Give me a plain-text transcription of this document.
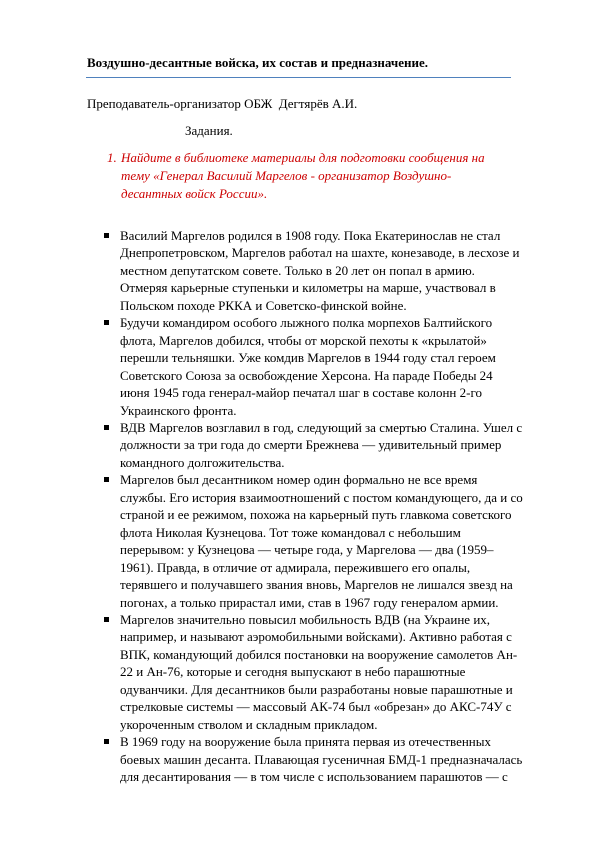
Воздушно-десантные войска, их состав и предназначение.
Преподаватель-организатор ОБЖ  Дегтярёв А.И.
Задания.

1.

Найдите в библиотеке материалы для подготовки сообщения на
тему «Генерал Василий Маргелов - организатор Воздушно-
десантных войск России».

Василий Маргелов родился в 1908 году. Пока Екатеринослав не стал
Днепропетровском, Маргелов работал на шахте, конезаводе, в лесхозе и
местном депутатском совете. Только в 20 лет он попал в армию.
Отмеряя карьерные ступеньки и километры на марше, участвовал в
Польском походе РККА и Советско-финской войне.
Будучи командиром особого лыжного полка морпехов Балтийского
флота, Маргелов добился, чтобы от морской пехоты к «крылатой»
перешли тельняшки. Уже комдив Маргелов в 1944 году стал героем
Советского Союза за освобождение Херсона. На параде Победы 24
июня 1945 года генерал-майор печатал шаг в составе колонн 2-го
Украинского фронта.
ВДВ Маргелов возглавил в год, следующий за смертью Сталина. Ушел с
должности за три года до смерти Брежнева — удивительный пример
командного долгожительства.
Маргелов был десантником номер один формально не все время
службы. Его история взаимоотношений с постом командующего, да и со
страной и ее режимом, похожа на карьерный путь главкома советского
флота Николая Кузнецова. Тот тоже командовал с небольшим
перерывом: у Кузнецова — четыре года, у Маргелова — два (1959–
1961). Правда, в отличие от адмирала, пережившего его опалы,
терявшего и получавшего звания вновь, Маргелов не лишался звезд на
погонах, а только прирастал ими, став в 1967 году генералом армии.
Маргелов значительно повысил мобильность ВДВ (на Украине их,
например, и называют аэромобильными войсками). Активно работая с
ВПК, командующий добился постановки на вооружение самолетов Ан-
22 и Ан-76, которые и сегодня выпускают в небо парашютные
одуванчики. Для десантников были разработаны новые парашютные и
стрелковые системы — массовый АК-74 был «обрезан» до АКС-74У с
укороченным стволом и складным прикладом.
В 1969 году на вооружение была принята первая из отечественных
боевых машин десанта. Плавающая гусеничная БМД-1 предназначалась
для десантирования — в том числе с использованием парашютов — с
